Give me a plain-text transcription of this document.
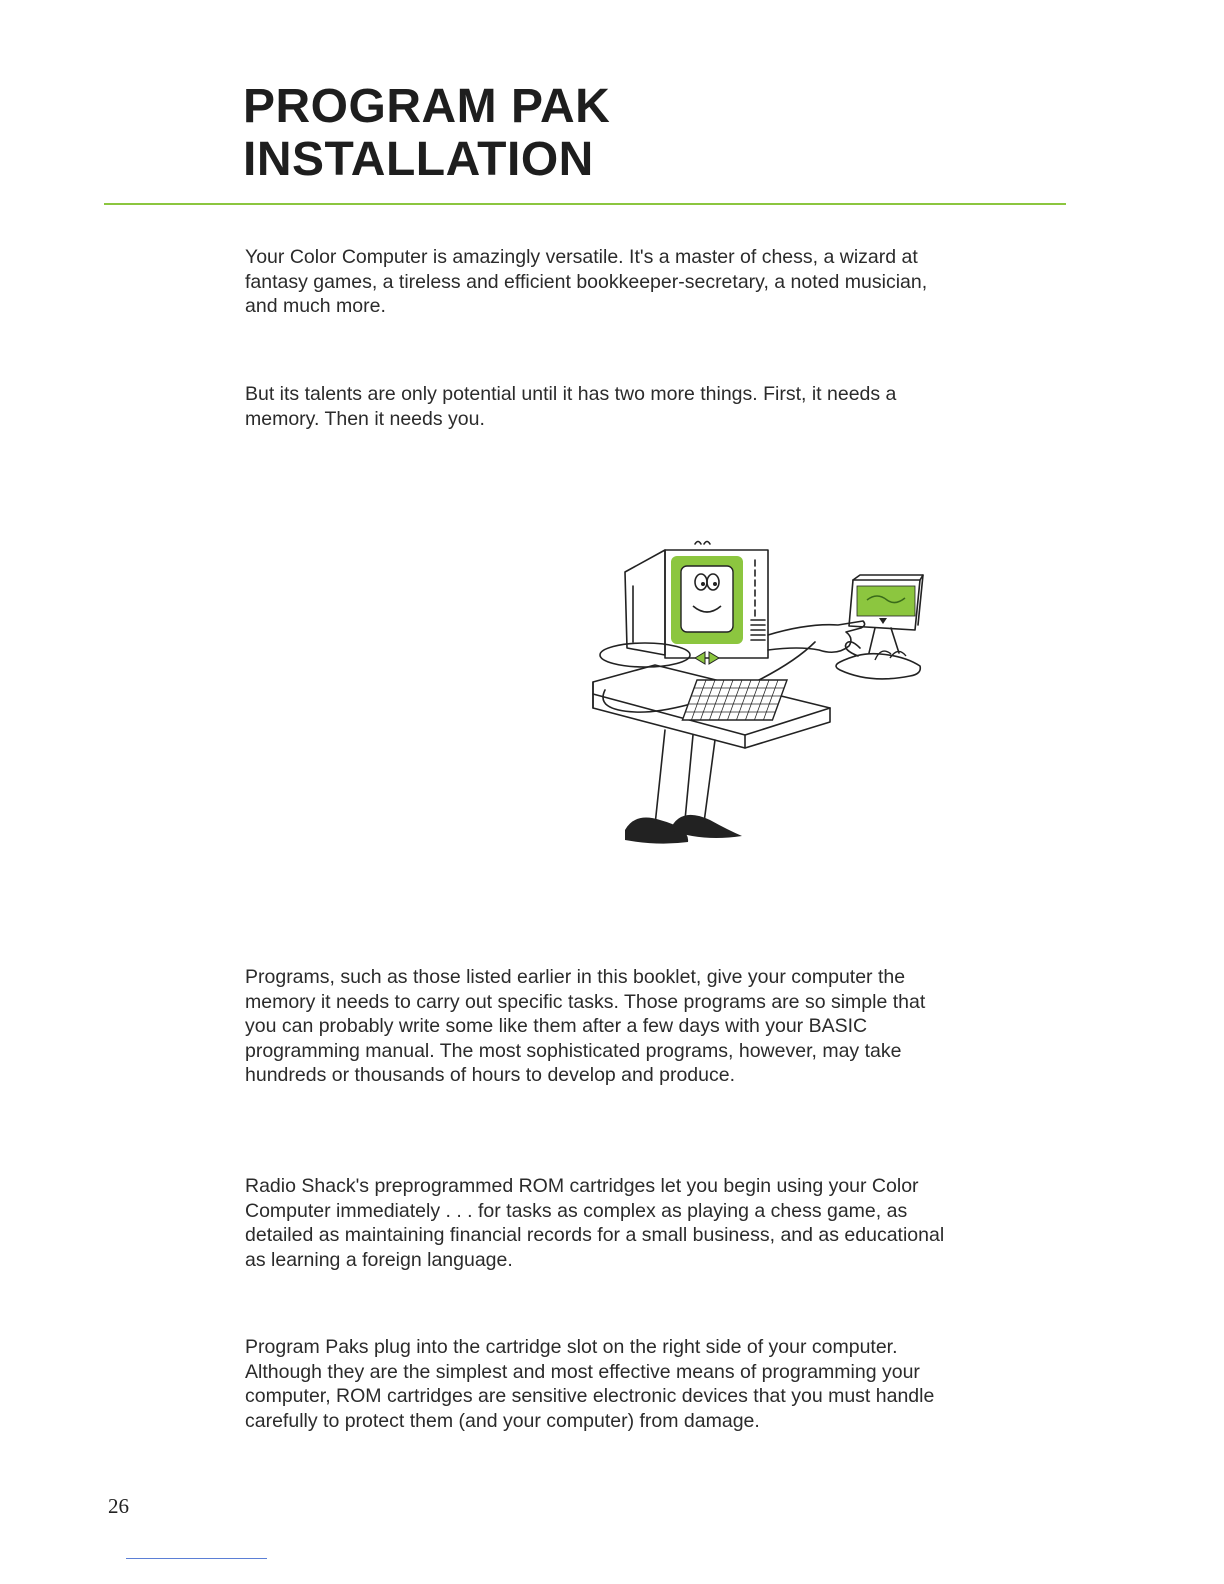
PROGRAM PAK
INSTALLATION

Your Color Computer is amazingly versatile. It's a master of chess, a wizard at fantasy games, a tireless and efficient bookkeeper-secretary, a noted musician, and much more.

But its talents are only potential until it has two more things. First, it needs a memory. Then it needs you.

Programs, such as those listed earlier in this booklet, give your computer the memory it needs to carry out specific tasks. Those programs are so simple that you can probably write some like them after a few days with your BASIC programming manual. The most sophisticated programs, however, may take hundreds or thousands of hours to develop and produce.

Radio Shack's preprogrammed ROM cartridges let you begin using your Color Computer immediately . . . for tasks as complex as playing a chess game, as detailed as maintaining financial records for a small business, and as educational as learning a foreign language.

Program Paks plug into the cartridge slot on the right side of your computer. Although they are the simplest and most effective means of programming your computer, ROM cartridges are sensitive electronic devices that you must handle carefully to protect them (and your computer) from damage.

26
